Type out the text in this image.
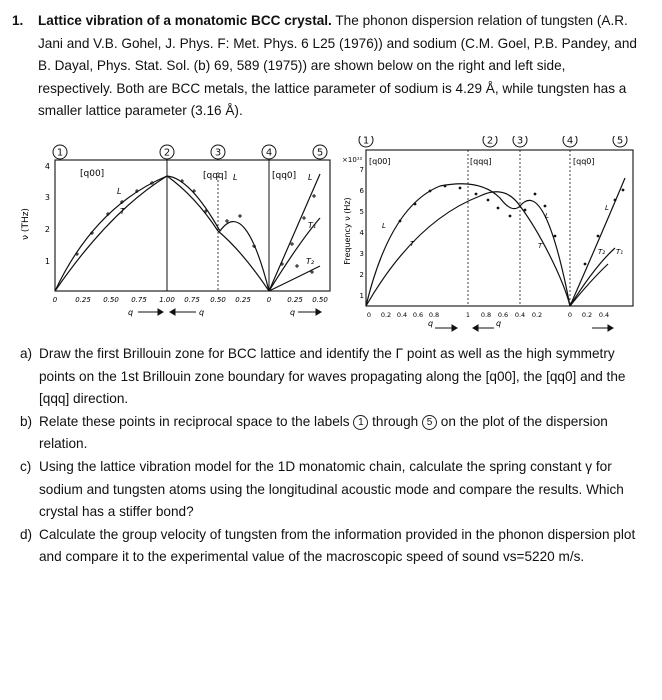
1. Lattice vibration of a monatomic BCC crystal. The phonon dispersion relation of tungsten (A.R. Jani and V.B. Gohel, J. Phys. F: Met. Phys. 6 L25 (1976)) and sodium (C.M. Goel, P.B. Pandey, and B. Dayal, Phys. Stat. Sol. (b) 69, 589 (1975)) are shown below on the right and left side, respectively. Both are BCC metals, the lattice parameter of sodium is 4.29 Å, while tungsten has a smaller lattice parameter (3.16 Å).
1	2	3	4	5
ν (THz)
4
3
2
1
[q00]	[qqq]	[qq0]
L
T
L	L
T₁
T₂
0	0.25 0.50 0.75 1.00 0.75 0.50 0.25 0 0.25 0.50
q	q	q
1	2 3	4	5
×10¹²
Frequency ν (Hz)
7
6
5
4
3
2
1
[q00]	[qqq]	[qq0]
L
T
L
T
L
T₂ T₁
0 0.2 0.4 0.6 0.8	1 0.8 0.6 0.4 0.2	0 0.2 0.4
q	q
a) Draw the first Brillouin zone for BCC lattice and identify the Γ point as well as the high symmetry points on the 1st Brillouin zone boundary for waves propagating along the [q00], the [qq0] and the [qqq] direction.
b) Relate these points in reciprocal space to the labels 1 through 5 on the plot of the dispersion relation.
c) Using the lattice vibration model for the 1D monatomic chain, calculate the spring constant γ for sodium and tungsten atoms using the longitudinal acoustic mode and compare the results. Which crystal has a stiffer bond?
d) Calculate the group velocity of tungsten from the information provided in the phonon dispersion plot and compare it to the experimental value of the macroscopic speed of sound vs=5220 m/s.
